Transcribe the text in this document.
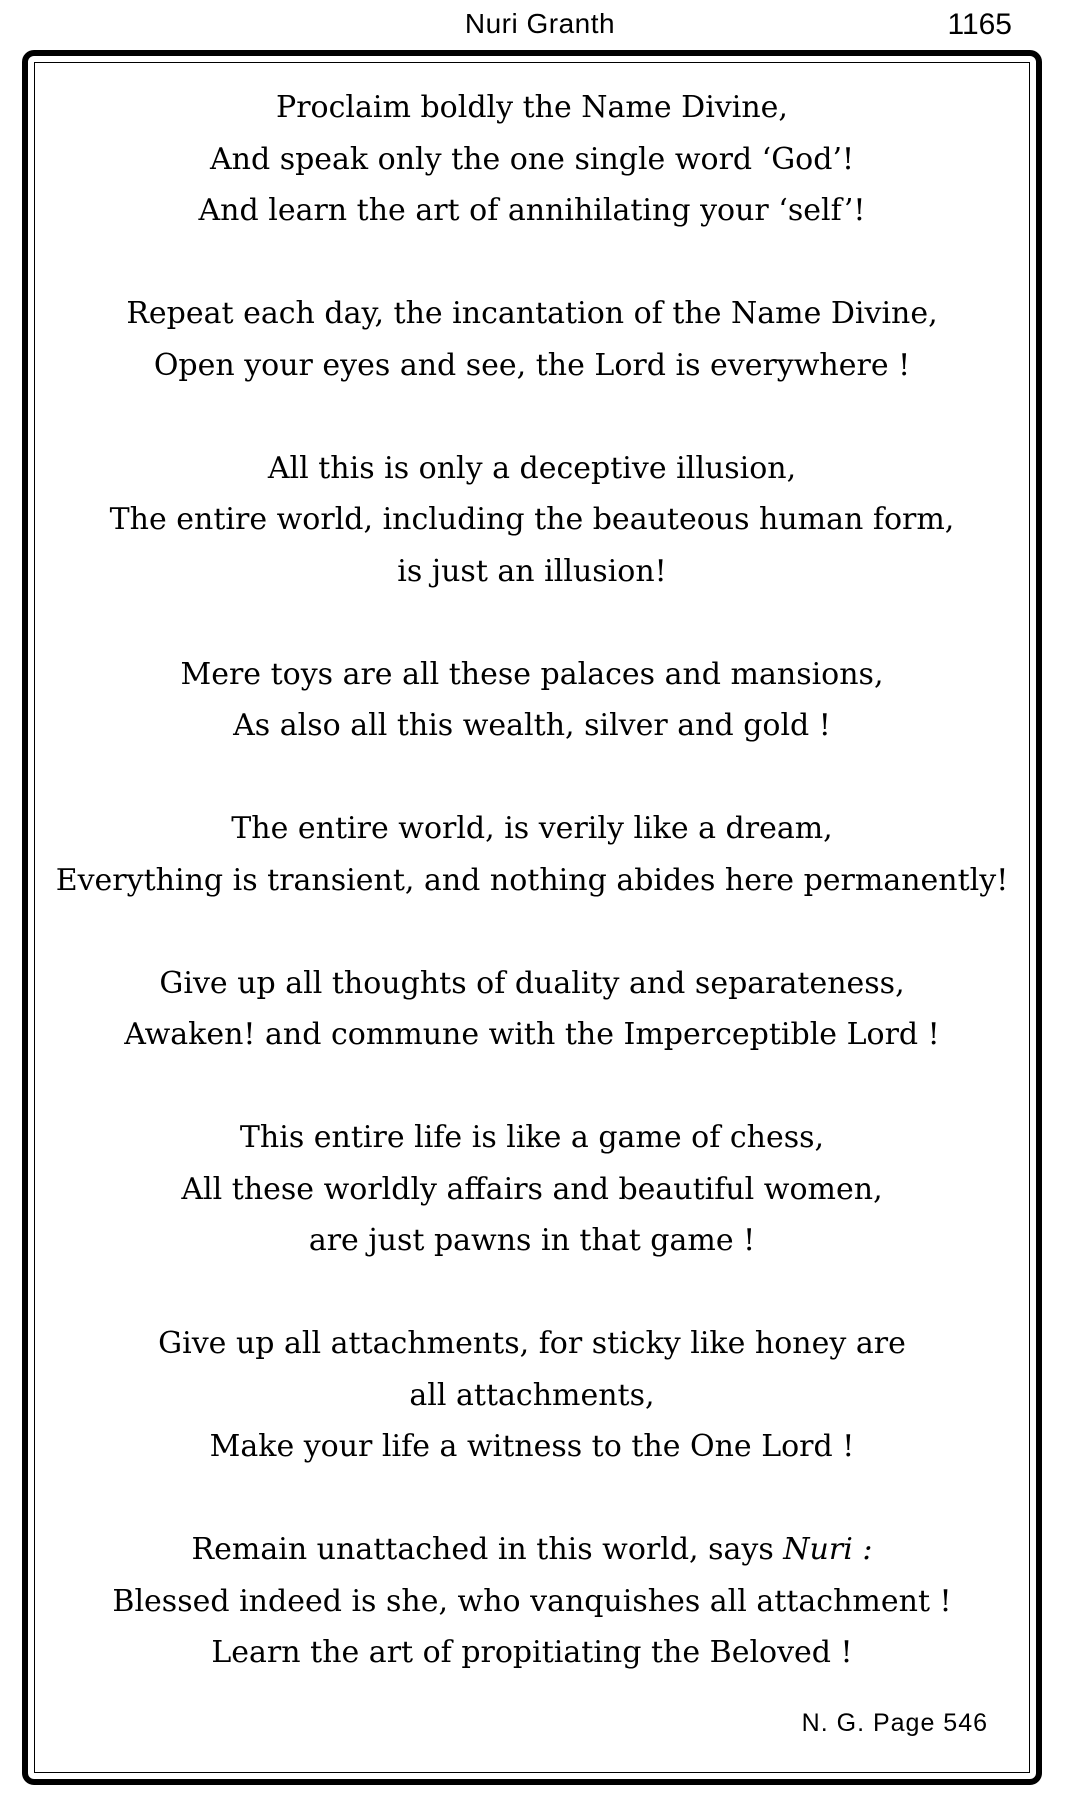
Nuri Granth	1165
Proclaim boldly the Name Divine,
And speak only the one single word ‘God’!
And learn the art of annihilating your ‘self’!
Repeat each day, the incantation of the Name Divine,
Open your eyes and see, the Lord is everywhere !
All this is only a deceptive illusion,
The entire world, including the beauteous human form,
is just an illusion!
Mere toys are all these palaces and mansions,
As also all this wealth, silver and gold !
The entire world, is verily like a dream,
Everything is transient, and nothing abides here permanently!
Give up all thoughts of duality and separateness,
Awaken! and commune with the Imperceptible Lord !
This entire life is like a game of chess,
All these worldly affairs and beautiful women,
are just pawns in that game !
Give up all attachments, for sticky like honey are
all attachments,
Make your life a witness to the One Lord !
Remain unattached in this world, says Nuri :
Blessed indeed is she, who vanquishes all attachment !
Learn the art of propitiating the Beloved !
N. G. Page 546
